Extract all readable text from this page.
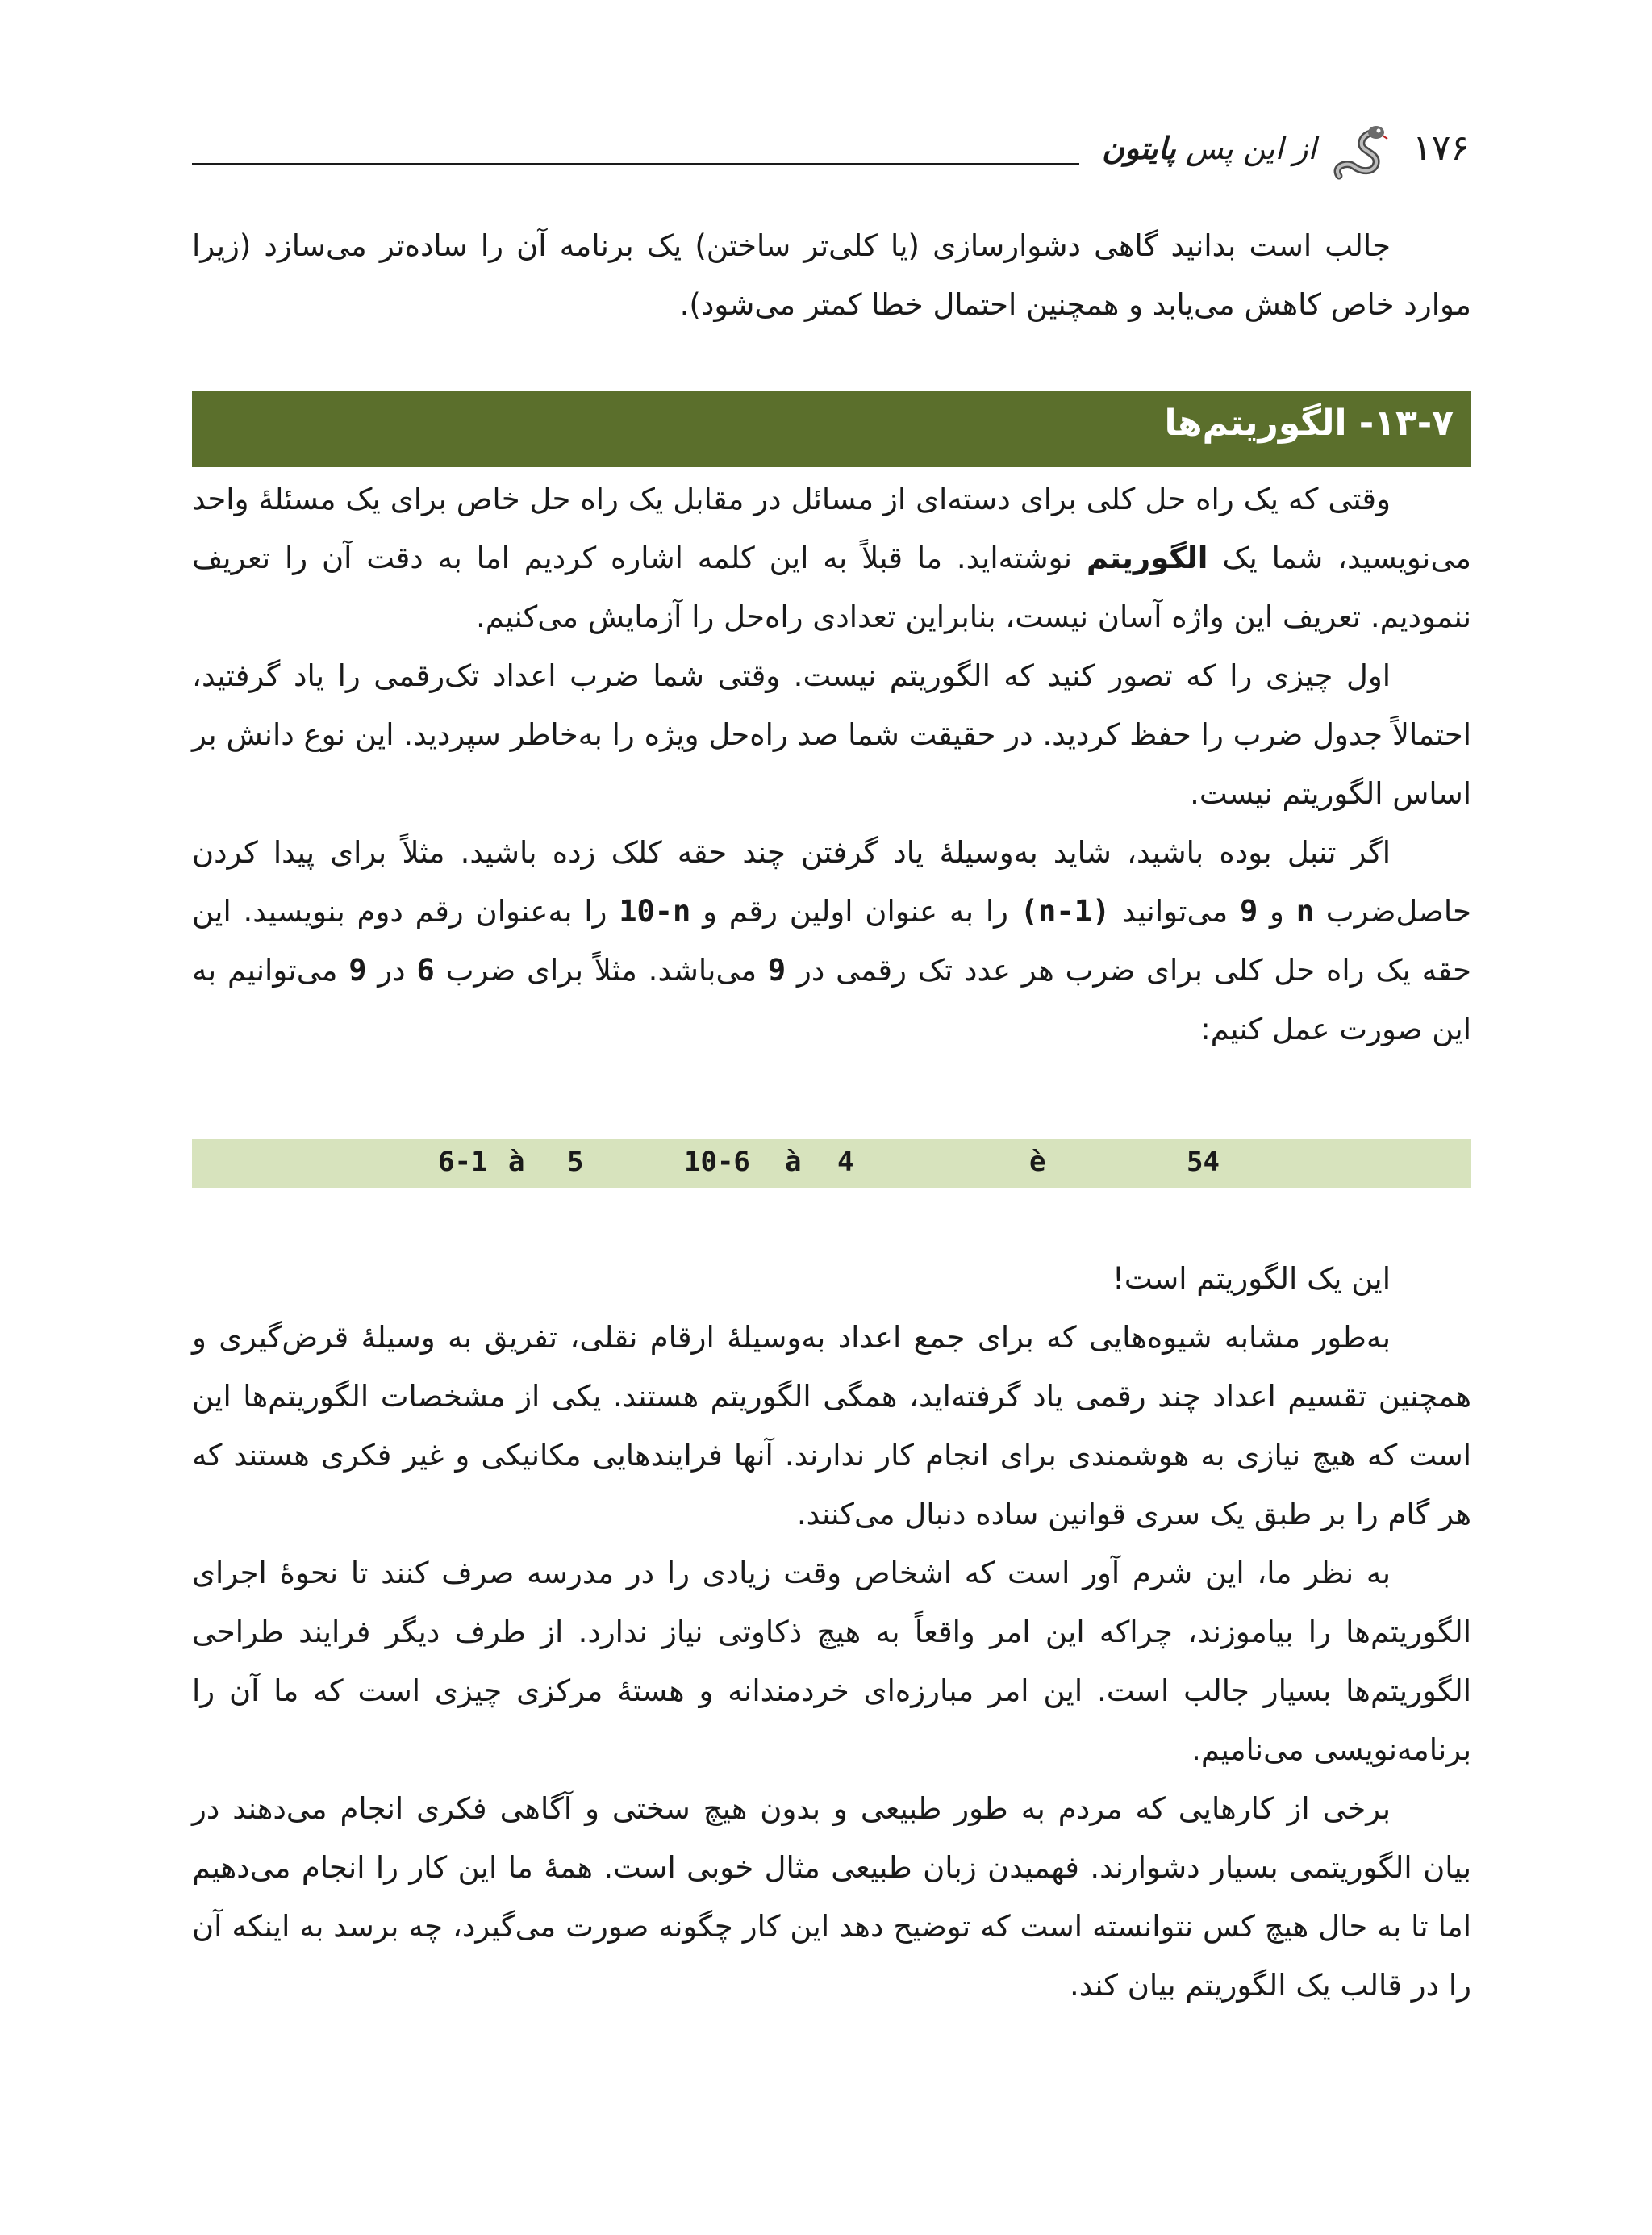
از این پس پایتون	۱۷۶

جالب است بدانید گاهی دشوارسازی (یا کلی‌تر ساختن) یک برنامه آن را ساده‌تر می‌سازد (زیرا موارد خاص کاهش می‌یابد و همچنین احتمال خطا کمتر می‌شود).

۱۳-۷- الگوریتم‌ها

وقتی که یک راه حل کلی برای دسته‌ای از مسائل در مقابل یک راه حل خاص برای یک مسئلهٔ واحد می‌نویسید، شما یک الگوریتم نوشته‌اید. ما قبلاً به این کلمه اشاره کردیم اما به دقت آن را تعریف ننمودیم. تعریف این واژه آسان نیست، بنابراین تعدادی راه‌حل را آزمایش می‌کنیم.

اول چیزی را که تصور کنید که الگوریتم نیست. وقتی شما ضرب اعداد تک‌رقمی را یاد گرفتید، احتمالاً جدول ضرب را حفظ کردید. در حقیقت شما صد راه‌حل ویژه را به‌خاطر سپردید. این نوع دانش بر اساس الگوریتم نیست.

اگر تنبل بوده باشید، شاید به‌وسیلهٔ یاد گرفتن چند حقه کلک زده باشید. مثلاً برای پیدا کردن حاصل‌ضرب n و 9 می‌توانید (n-1) را به عنوان اولین رقم و 10-n را به‌عنوان رقم دوم بنویسید. این حقه یک راه حل کلی برای ضرب هر عدد تک رقمی در 9 می‌باشد. مثلاً برای ضرب 6 در 9 می‌توانیم به این صورت عمل کنیم:

6-1 à 5	10-6 à 4	è	54

این یک الگوریتم است!

به‌طور مشابه شیوه‌هایی که برای جمع اعداد به‌وسیلهٔ ارقام نقلی، تفریق به وسیلهٔ قرض‌گیری و همچنین تقسیم اعداد چند رقمی یاد گرفته‌اید، همگی الگوریتم هستند. یکی از مشخصات الگوریتم‌ها این است که هیچ نیازی به هوشمندی برای انجام کار ندارند. آنها فرایندهایی مکانیکی و غیر فکری هستند که هر گام را بر طبق یک سری قوانین ساده دنبال می‌کنند.

به نظر ما، این شرم آور است که اشخاص وقت زیادی را در مدرسه صرف کنند تا نحوهٔ اجرای الگوریتم‌ها را بیاموزند، چراکه این امر واقعاً به هیچ ذکاوتی نیاز ندارد. از طرف دیگر فرایند طراحی الگوریتم‌ها بسیار جالب است. این امر مبارزه‌ای خردمندانه و هستهٔ مرکزی چیزی است که ما آن را برنامه‌نویسی می‌نامیم.

برخی از کارهایی که مردم به طور طبیعی و بدون هیچ سختی و آگاهی فکری انجام می‌دهند در بیان الگوریتمی بسیار دشوارند. فهمیدن زبان طبیعی مثال خوبی است. همهٔ ما این کار را انجام می‌دهیم اما تا به حال هیچ کس نتوانسته است که توضیح دهد این کار چگونه صورت می‌گیرد، چه برسد به اینکه آن را در قالب یک الگوریتم بیان کند.
